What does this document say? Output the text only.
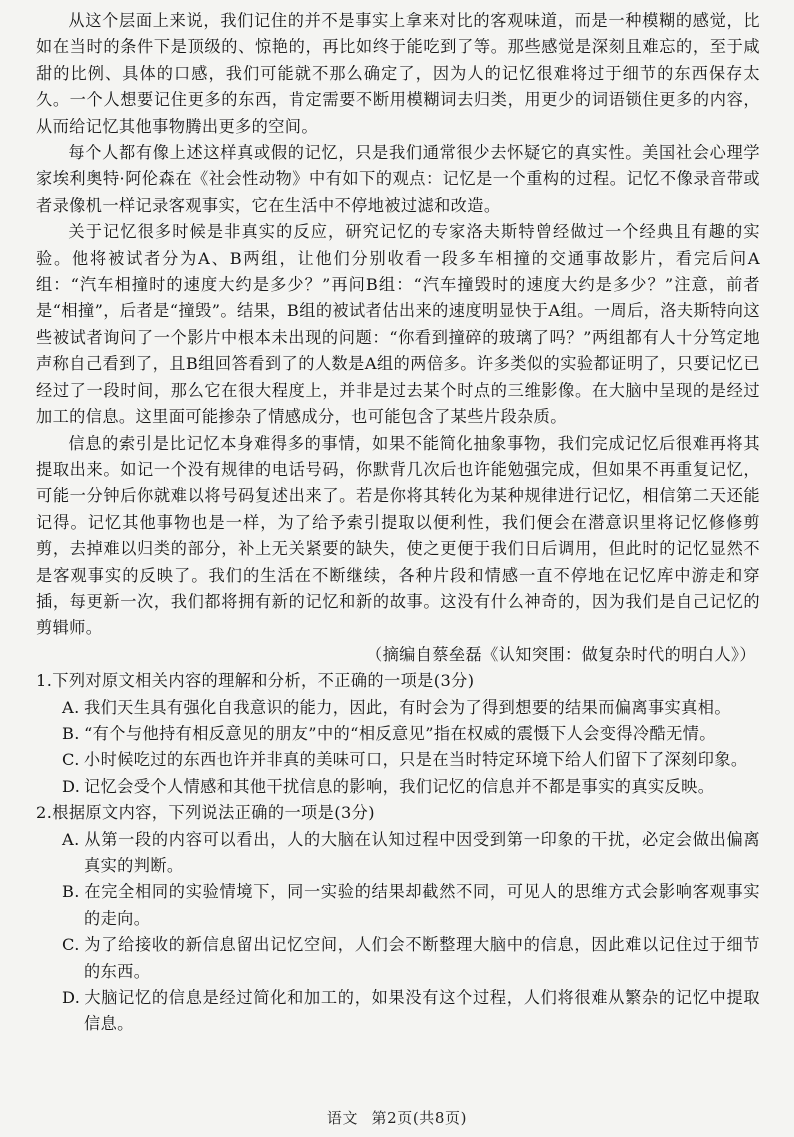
从这个层面上来说，我们记住的并不是事实上拿来对比的客观味道，而是一种模糊的感觉，比如在当时的条件下是顶级的、惊艳的，再比如终于能吃到了等。那些感觉是深刻且难忘的，至于咸甜的比例、具体的口感，我们可能就不那么确定了，因为人的记忆很难将过于细节的东西保存太久。一个人想要记住更多的东西，肯定需要不断用模糊词去归类，用更少的词语锁住更多的内容，从而给记忆其他事物腾出更多的空间。

每个人都有像上述这样真或假的记忆，只是我们通常很少去怀疑它的真实性。美国社会心理学家埃利奥特·阿伦森在《社会性动物》中有如下的观点：记忆是一个重构的过程。记忆不像录音带或者录像机一样记录客观事实，它在生活中不停地被过滤和改造。

关于记忆很多时候是非真实的反应，研究记忆的专家洛夫斯特曾经做过一个经典且有趣的实验。他将被试者分为A、B两组，让他们分别收看一段多车相撞的交通事故影片，看完后问A组：“汽车相撞时的速度大约是多少？”再问B组：“汽车撞毁时的速度大约是多少？”注意，前者是“相撞”，后者是“撞毁”。结果，B组的被试者估出来的速度明显快于A组。一周后，洛夫斯特向这些被试者询问了一个影片中根本未出现的问题：“你看到撞碎的玻璃了吗？”两组都有人十分笃定地声称自己看到了，且B组回答看到了的人数是A组的两倍多。许多类似的实验都证明了，只要记忆已经过了一段时间，那么它在很大程度上，并非是过去某个时点的三维影像。在大脑中呈现的是经过加工的信息。这里面可能掺杂了情感成分，也可能包含了某些片段杂质。

信息的索引是比记忆本身难得多的事情，如果不能简化抽象事物，我们完成记忆后很难再将其提取出来。如记一个没有规律的电话号码，你默背几次后也许能勉强完成，但如果不再重复记忆，可能一分钟后你就难以将号码复述出来了。若是你将其转化为某种规律进行记忆，相信第二天还能记得。记忆其他事物也是一样，为了给予索引提取以便利性，我们便会在潜意识里将记忆修修剪剪，去掉难以归类的部分，补上无关紧要的缺失，使之更便于我们日后调用，但此时的记忆显然不是客观事实的反映了。我们的生活在不断继续，各种片段和情感一直不停地在记忆库中游走和穿插，每更新一次，我们都将拥有新的记忆和新的故事。这没有什么神奇的，因为我们是自己记忆的剪辑师。

（摘编自蔡垒磊《认知突围：做复杂时代的明白人》）

1.下列对原文相关内容的理解和分析，不正确的一项是(3分)

A. 我们天生具有强化自我意识的能力，因此，有时会为了得到想要的结果而偏离事实真相。

B. “有个与他持有相反意见的朋友”中的“相反意见”指在权威的震慑下人会变得冷酷无情。

C. 小时候吃过的东西也许并非真的美味可口，只是在当时特定环境下给人们留下了深刻印象。

D. 记忆会受个人情感和其他干扰信息的影响，我们记忆的信息并不都是事实的真实反映。

2.根据原文内容，下列说法正确的一项是(3分)

A. 从第一段的内容可以看出，人的大脑在认知过程中因受到第一印象的干扰，必定会做出偏离真实的判断。

B. 在完全相同的实验情境下，同一实验的结果却截然不同，可见人的思维方式会影响客观事实的走向。

C. 为了给接收的新信息留出记忆空间，人们会不断整理大脑中的信息，因此难以记住过于细节的东西。

D. 大脑记忆的信息是经过简化和加工的，如果没有这个过程，人们将很难从繁杂的记忆中提取信息。

语文 第2页(共8页)
